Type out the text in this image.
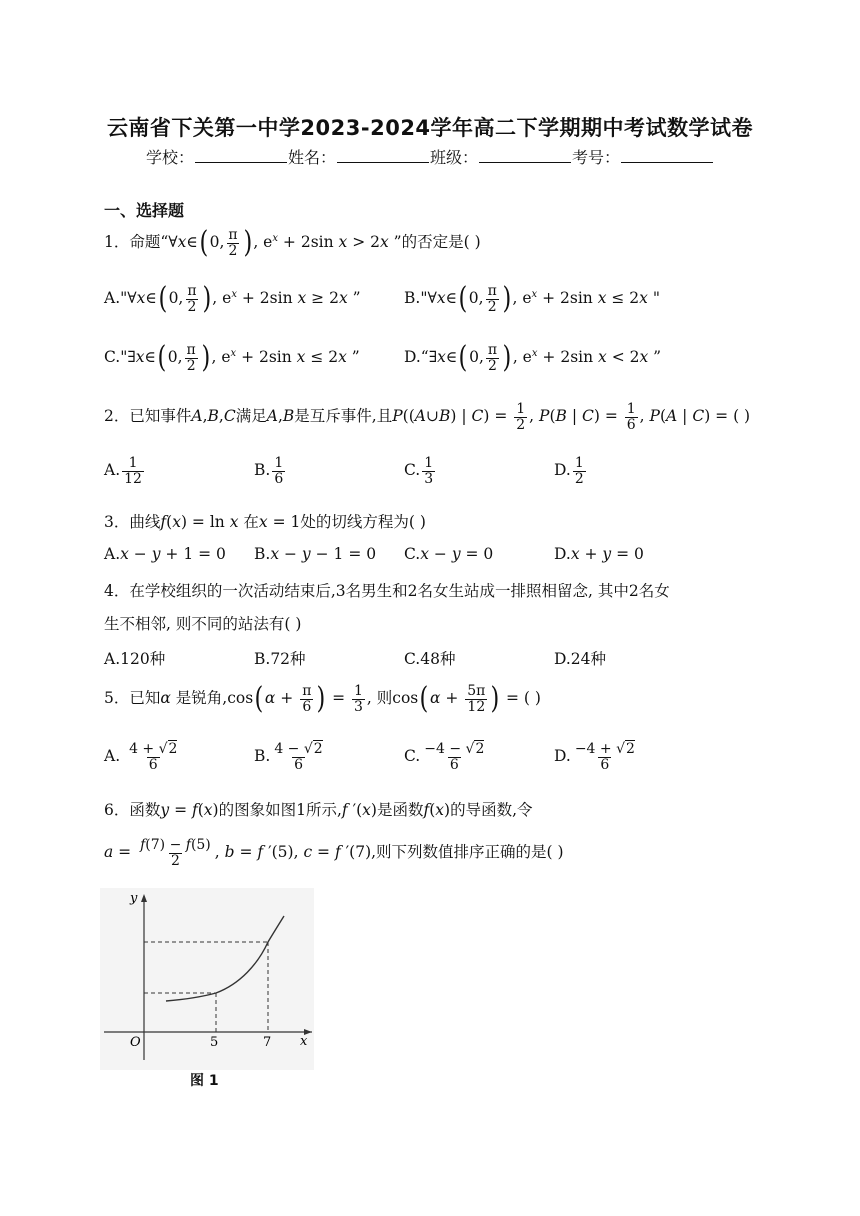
云南省下关第一中学2023-2024学年高二下学期期中考试数学试卷
学校：	姓名：	班级：	考号：
一、选择题
1．命题“∀x∈(0, $\frac{\pi}{2}$ ), $e^x + 2\sin$ x > 2x ”的否定是( )
A."∀x∈(0, $\frac{\pi}{2}$ ), $e^x + 2\sin$ x ≥ 2x ”	B."∀x∈(0, $\frac{\pi}{2}$ ), $e^x + 2\sin$ x ≤ 2x "
C."∃x∈(0, $\frac{\pi}{2}$ ), $e^x + 2\sin$ x ≤ 2x ”	D.“∃x∈(0, $\frac{\pi}{2}$ ), $e^x + 2\sin$ x < 2x ”
2．已知事件A,B,C满足A,B是互斥事件,且P((A∪B) | $C) = \frac{1}{2}$ , P(B | $C) = \frac{1}{6}$ , P(A | C) = ( )
A. $\frac{1}{12}$	B. $\frac{1}{6}$	C. $\frac{1}{3}$	D. $\frac{1}{2}$
3．曲线f(x) = ln x 在x = 1处的切线方程为( )
A.x − y + 1 = 0 B.x − y − 1 = 0 C.x − y = 0	D.x + y = 0
4．在学校组织的一次活动结束后,3名男生和2名女生站成一排照相留念, 其中2名女
生不相邻, 则不同的站法有( )
A.120种	B.72种	C.48种	D.24种
5．已知α 是锐角$,\cos(\alpha + \frac{\pi}{6}$ ) = $\frac{1}{3}$ , 则$\cos(\alpha + \frac{5\pi}{12}$ ) = ( )
A. $\frac{4 + √2}{6}$	B. $\frac{4 - √2}{6}$	C. $\frac{-4 - √2}{6}$	D. $\frac{-4 + √2}{6}$
6．函数y = f(x)的图象如图1所示,f ′(x)是函数f(x)的导函数,令
$a = \frac{f(7) - f(5)}{2}$ , b = f ′(5), c = f ′(7),则下列数值排序正确的是( )
y
x
O	5	7
图 1
